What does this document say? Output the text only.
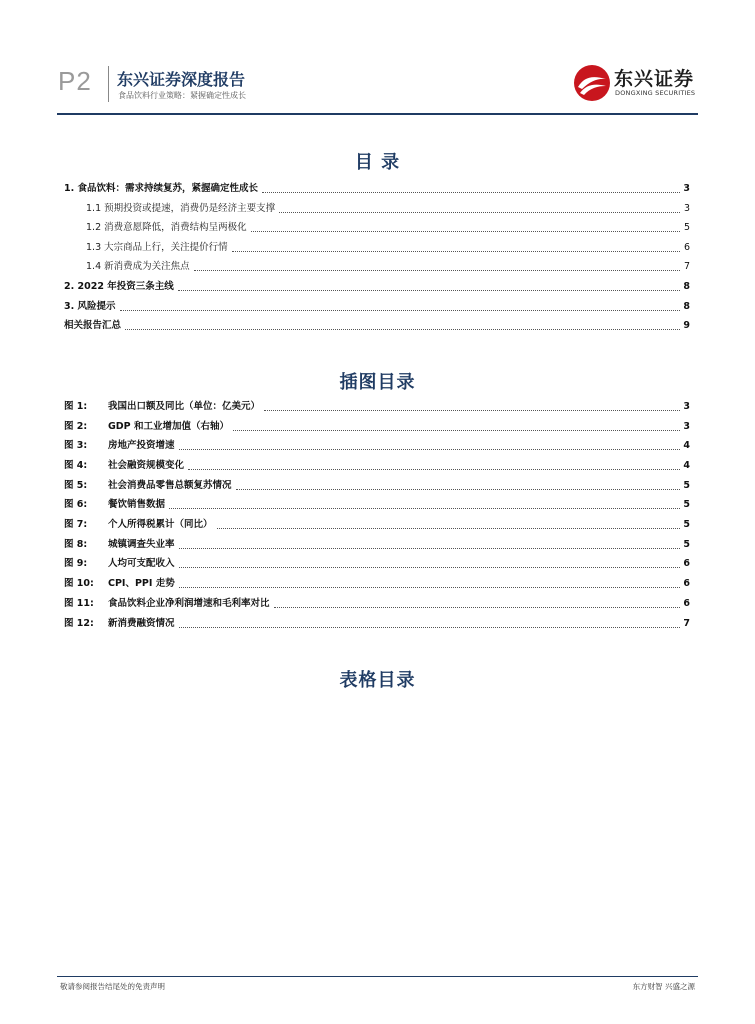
P2 东兴证券深度报告
食品饮料行业策略：紧握确定性成长
东兴证券
DONGXING SECURITIES
目 录
1. 食品饮料：需求持续复苏，紧握确定性成长	3
1.1 预期投资或提速，消费仍是经济主要支撑	3
1.2 消费意愿降低，消费结构呈两极化	5
1.3 大宗商品上行，关注提价行情	6
1.4 新消费成为关注焦点	7
2. 2022 年投资三条主线	8
3. 风险提示	8
相关报告汇总	9
插图目录
图 1: 我国出口额及同比（单位：亿美元）	3
图 2: GDP 和工业增加值（右轴）	3
图 3: 房地产投资增速	4
图 4: 社会融资规模变化	4
图 5: 社会消费品零售总额复苏情况	5
图 6: 餐饮销售数据	5
图 7: 个人所得税累计（同比）	5
图 8: 城镇调查失业率	5
图 9: 人均可支配收入	6
图 10: CPI、PPI 走势	6
图 11: 食品饮料企业净利润增速和毛利率对比	6
图 12: 新消费融资情况	7
表格目录
敬请参阅报告结尾处的免责声明	东方财智 兴盛之源
